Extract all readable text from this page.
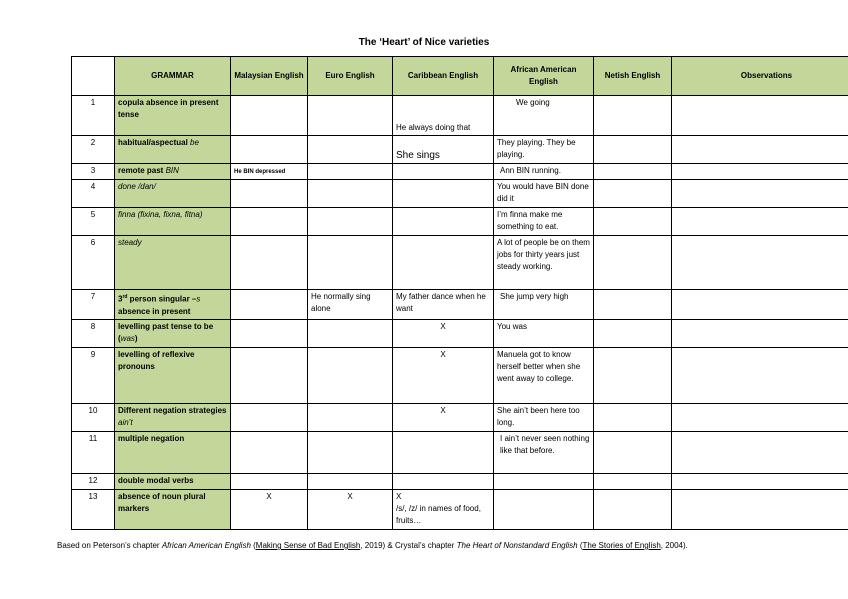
The ‘Heart’ of Nice varieties
	GRAMMAR	Malaysian English	Euro English	Caribbean English	African American English	Netish English	Observations
1	copula absence in present tense			He always doing that	We going		
2	habitual/aspectual be			She sings	They playing. They be playing.		
3	remote past BIN	He BIN depressed			Ann BIN running.		
4	done /dan/				You would have BIN done did it		
5	finna (fixina, fixna, fitna)				I’m finna make me something to eat.		
6	steady				A lot of people be on them jobs for thirty years just steady working.		
7	3rd person singular –s absence in present		He normally sing alone	My father dance when he want	She jump very high		
8	levelling past tense to be (was)			X	You was		
9	levelling of reflexive pronouns			X	Manuela got to know herself better when she went away to college.		
10	Different negation strategies ain’t			X	She ain’t been here too long.		
11	multiple negation				I ain’t never seen nothing like that before.		
12	double modal verbs						
13	absence of noun plural markers	X	X	X
/s/, /z/ in names of food, fruits…			

Based on Peterson’s chapter African American English (Making Sense of Bad English, 2019) & Crystal’s chapter The Heart of Nonstandard English (The Stories of English, 2004).
